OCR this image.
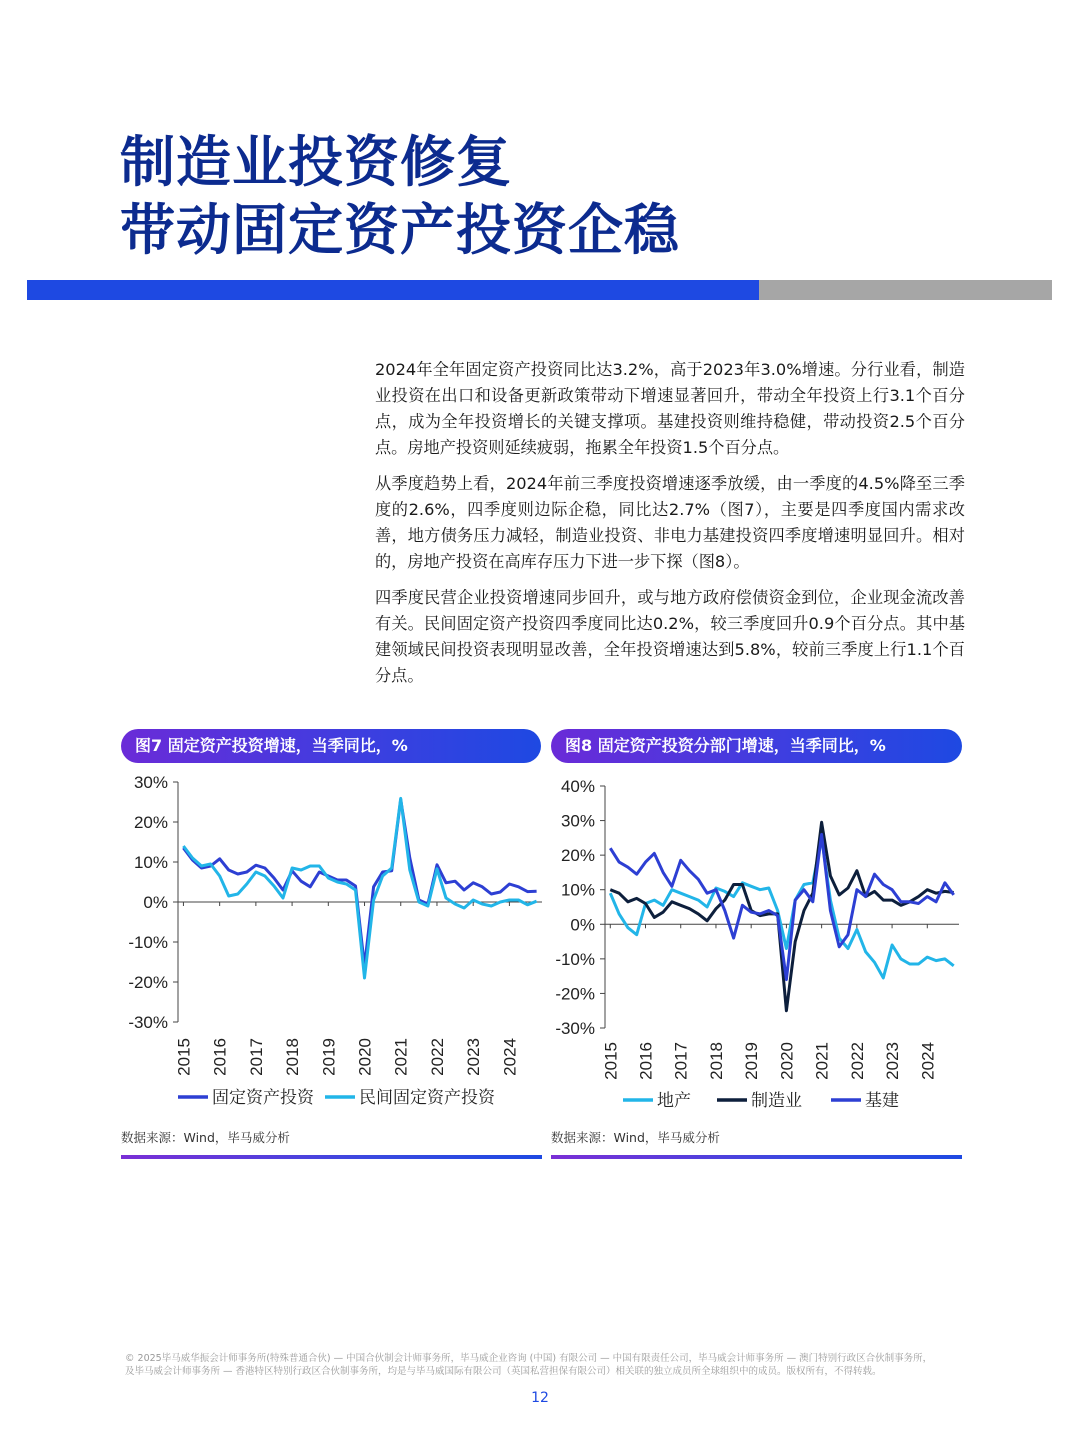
制造业投资修复
带动固定资产投资企稳

2024年全年固定资产投资同比达3.2%，高于2023年3.0%增速。分行业看，制造业投资在出口和设备更新政策带动下增速显著回升，带动全年投资上行3.1个百分点，成为全年投资增长的关键支撑项。基建投资则维持稳健，带动投资2.5个百分点。房地产投资则延续疲弱，拖累全年投资1.5个百分点。

从季度趋势上看，2024年前三季度投资增速逐季放缓，由一季度的4.5%降至三季度的2.6%，四季度则边际企稳，同比达2.7%（图7），主要是四季度国内需求改善，地方债务压力减轻，制造业投资、非电力基建投资四季度增速明显回升。相对的，房地产投资在高库存压力下进一步下探（图8）。

四季度民营企业投资增速同步回升，或与地方政府偿债资金到位，企业现金流改善有关。民间固定资产投资四季度同比达0.2%，较三季度回升0.9个百分点。其中基建领域民间投资表现明显改善，全年投资增速达到5.8%，较前三季度上行1.1个百分点。

图7 固定资产投资增速，当季同比，%
30%
20%
10%
0%
-10%
-20%
-30%
2015 2016 2017 2018 2019 2020 2021 2022 2023 2024
固定资产投资	民间固定资产投资
数据来源：Wind，毕马威分析
图8 固定资产投资分部门增速，当季同比，%
40%
30%
20%
10%
0%
-10%
-20%
-30%
2015 2016 2017 2018 2019 2020 2021 2022 2023 2024
地产	制造业	基建
数据来源：Wind，毕马威分析
© 2025毕马威华振会计师事务所(特殊普通合伙) — 中国合伙制会计师事务所，毕马威企业咨询 (中国) 有限公司 — 中国有限责任公司，毕马威会计师事务所 — 澳门特别行政区合伙制事务所，
及毕马威会计师事务所 — 香港特区特别行政区合伙制事务所，均是与毕马威国际有限公司（英国私营担保有限公司）相关联的独立成员所全球组织中的成员。版权所有，不得转载。
12
